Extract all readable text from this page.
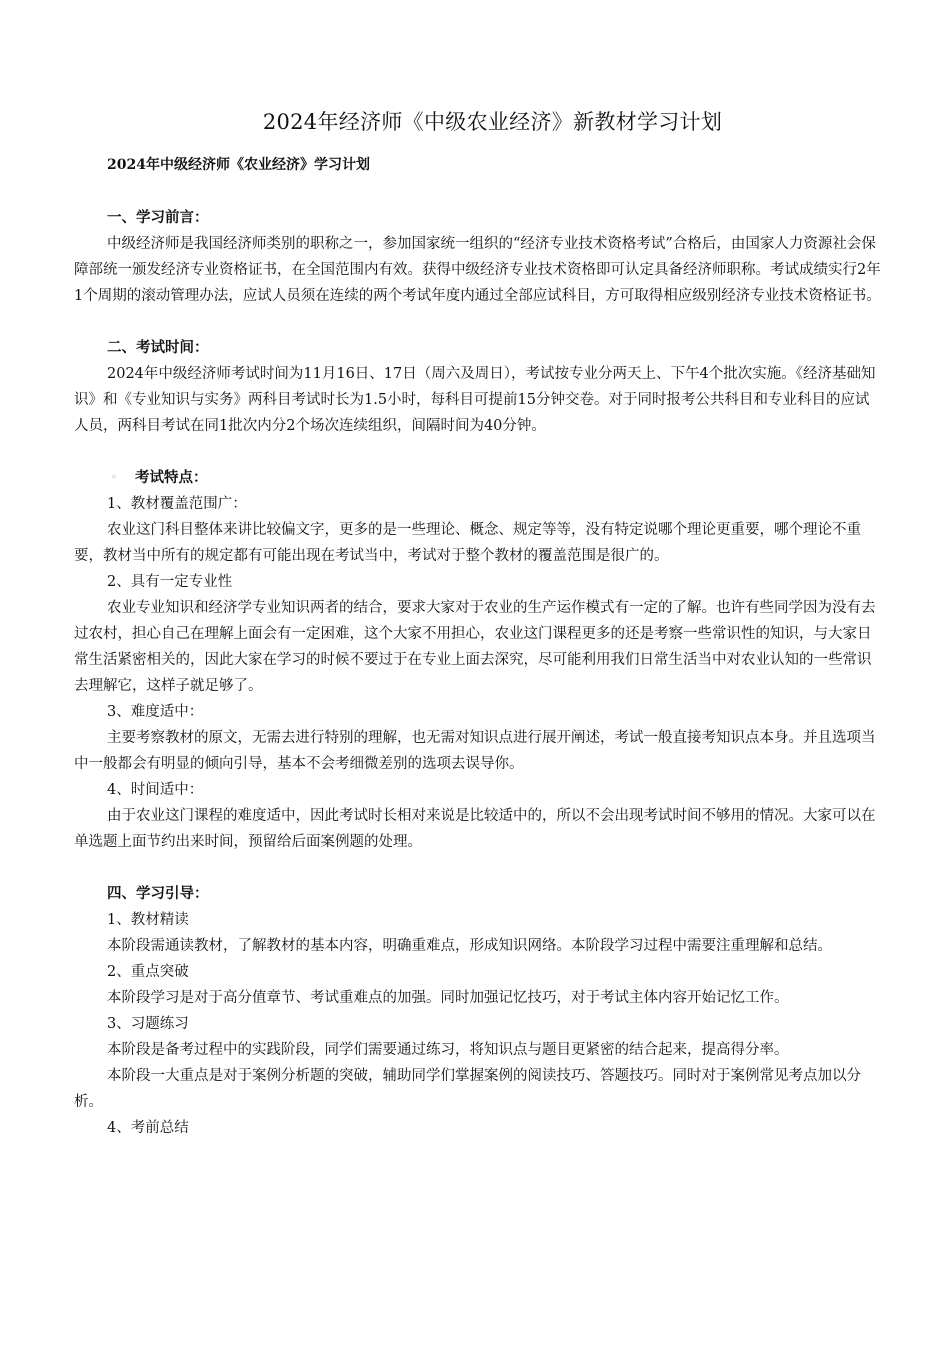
2024年经济师《中级农业经济》新教材学习计划
2024年中级经济师《农业经济》学习计划

一、学习前言：

中级经济师是我国经济师类别的职称之一，参加国家统一组织的“经济专业技术资格考试”合格后，由国家人力资源社会保障部统一颁发经济专业资格证书，在全国范围内有效。获得中级经济专业技术资格即可认定具备经济师职称。考试成绩实行2年1个周期的滚动管理办法，应试人员须在连续的两个考试年度内通过全部应试科目，方可取得相应级别经济专业技术资格证书。

二、考试时间：

2024年中级经济师考试时间为11月16日、17日（周六及周日），考试按专业分两天上、下午4个批次实施。《经济基础知识》和《专业知识与实务》两科目考试时长为1.5小时，每科目可提前15分钟交卷。对于同时报考公共科目和专业科目的应试人员，两科目考试在同1批次内分2个场次连续组织，间隔时间为40分钟。

◦ 考试特点：

1、教材覆盖范围广：

农业这门科目整体来讲比较偏文字，更多的是一些理论、概念、规定等等，没有特定说哪个理论更重要，哪个理论不重要，教材当中所有的规定都有可能出现在考试当中，考试对于整个教材的覆盖范围是很广的。

2、具有一定专业性

农业专业知识和经济学专业知识两者的结合，要求大家对于农业的生产运作模式有一定的了解。也许有些同学因为没有去过农村，担心自己在理解上面会有一定困难，这个大家不用担心，农业这门课程更多的还是考察一些常识性的知识，与大家日常生活紧密相关的，因此大家在学习的时候不要过于在专业上面去深究，尽可能利用我们日常生活当中对农业认知的一些常识去理解它，这样子就足够了。

3、难度适中：

主要考察教材的原文，无需去进行特别的理解，也无需对知识点进行展开阐述，考试一般直接考知识点本身。并且选项当中一般都会有明显的倾向引导，基本不会考细微差别的选项去误导你。

4、时间适中：

由于农业这门课程的难度适中，因此考试时长相对来说是比较适中的，所以不会出现考试时间不够用的情况。大家可以在单选题上面节约出来时间，预留给后面案例题的处理。

四、学习引导：

1、教材精读

本阶段需通读教材，了解教材的基本内容，明确重难点，形成知识网络。本阶段学习过程中需要注重理解和总结。

2、重点突破

本阶段学习是对于高分值章节、考试重难点的加强。同时加强记忆技巧，对于考试主体内容开始记忆工作。

3、习题练习

本阶段是备考过程中的实践阶段，同学们需要通过练习，将知识点与题目更紧密的结合起来，提高得分率。

本阶段一大重点是对于案例分析题的突破，辅助同学们掌握案例的阅读技巧、答题技巧。同时对于案例常见考点加以分析。

4、考前总结
